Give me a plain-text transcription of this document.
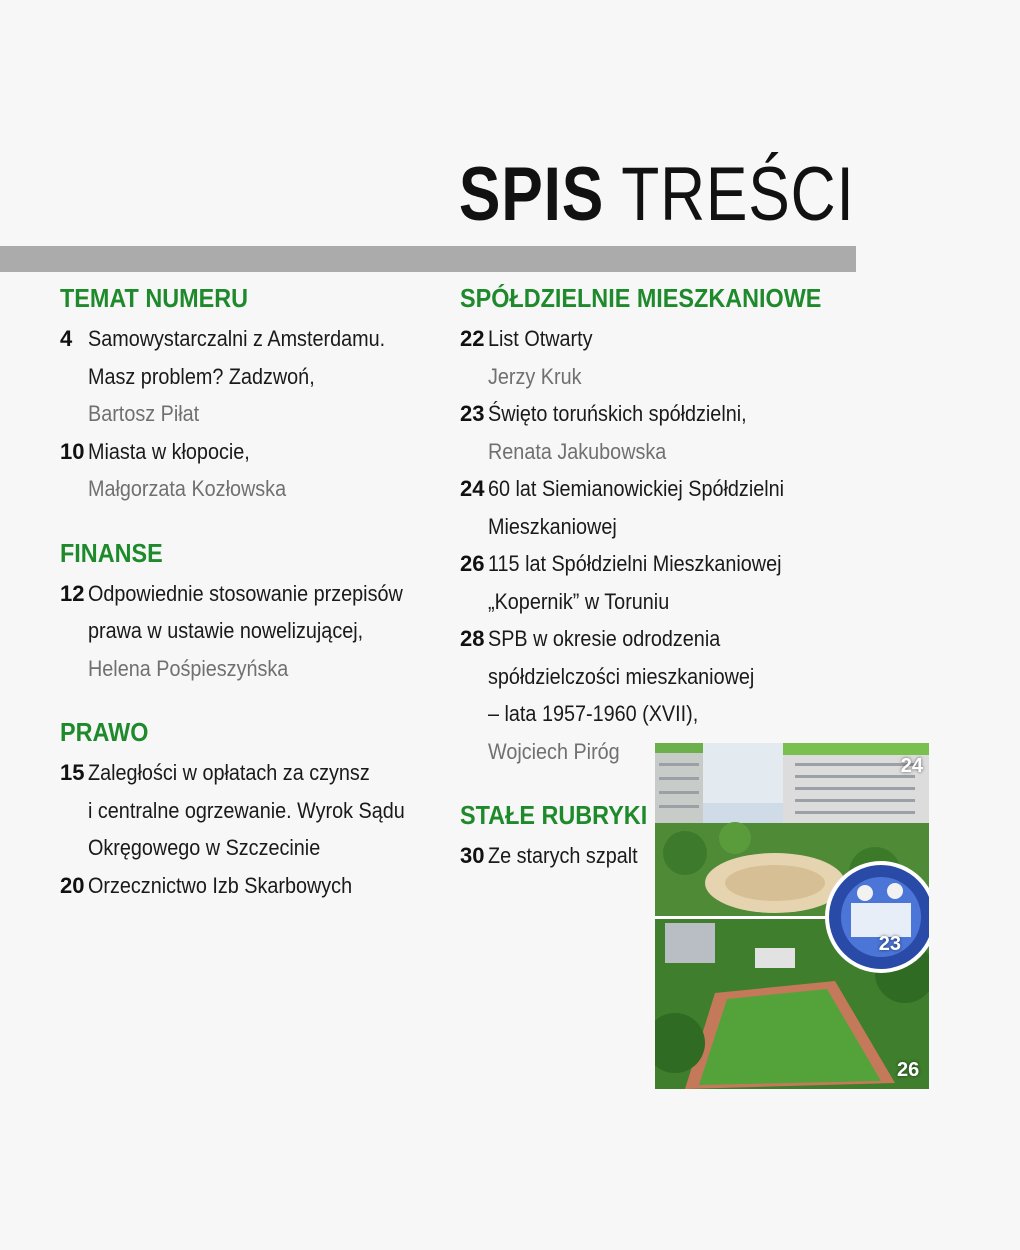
SPIS TREŚCI
TEMAT NUMERU
4 Samowystarczalni z Amsterdamu.
Masz problem? Zadzwoń,
Bartosz Piłat
10 Miasta w kłopocie,
Małgorzata Kozłowska
FINANSE
12 Odpowiednie stosowanie przepisów
prawa w ustawie nowelizującej,
Helena Pośpieszyńska
PRAWO
15 Zaległości w opłatach za czynsz
i centralne ogrzewanie. Wyrok Sądu
Okręgowego w Szczecinie
20 Orzecznictwo Izb Skarbowych
SPÓŁDZIELNIE MIESZKANIOWE
22 List Otwarty
Jerzy Kruk
23 Święto toruńskich spółdzielni,
Renata Jakubowska
24 60 lat Siemianowickiej Spółdzielni
Mieszkaniowej
26 115 lat Spółdzielni Mieszkaniowej
„Kopernik” w Toruniu
28 SPB w okresie odrodzenia
spółdzielczości mieszkaniowej
– lata 1957-1960 (XVII),
Wojciech Piróg
STAŁE RUBRYKI
30 Ze starych szpalt
24
23
26
